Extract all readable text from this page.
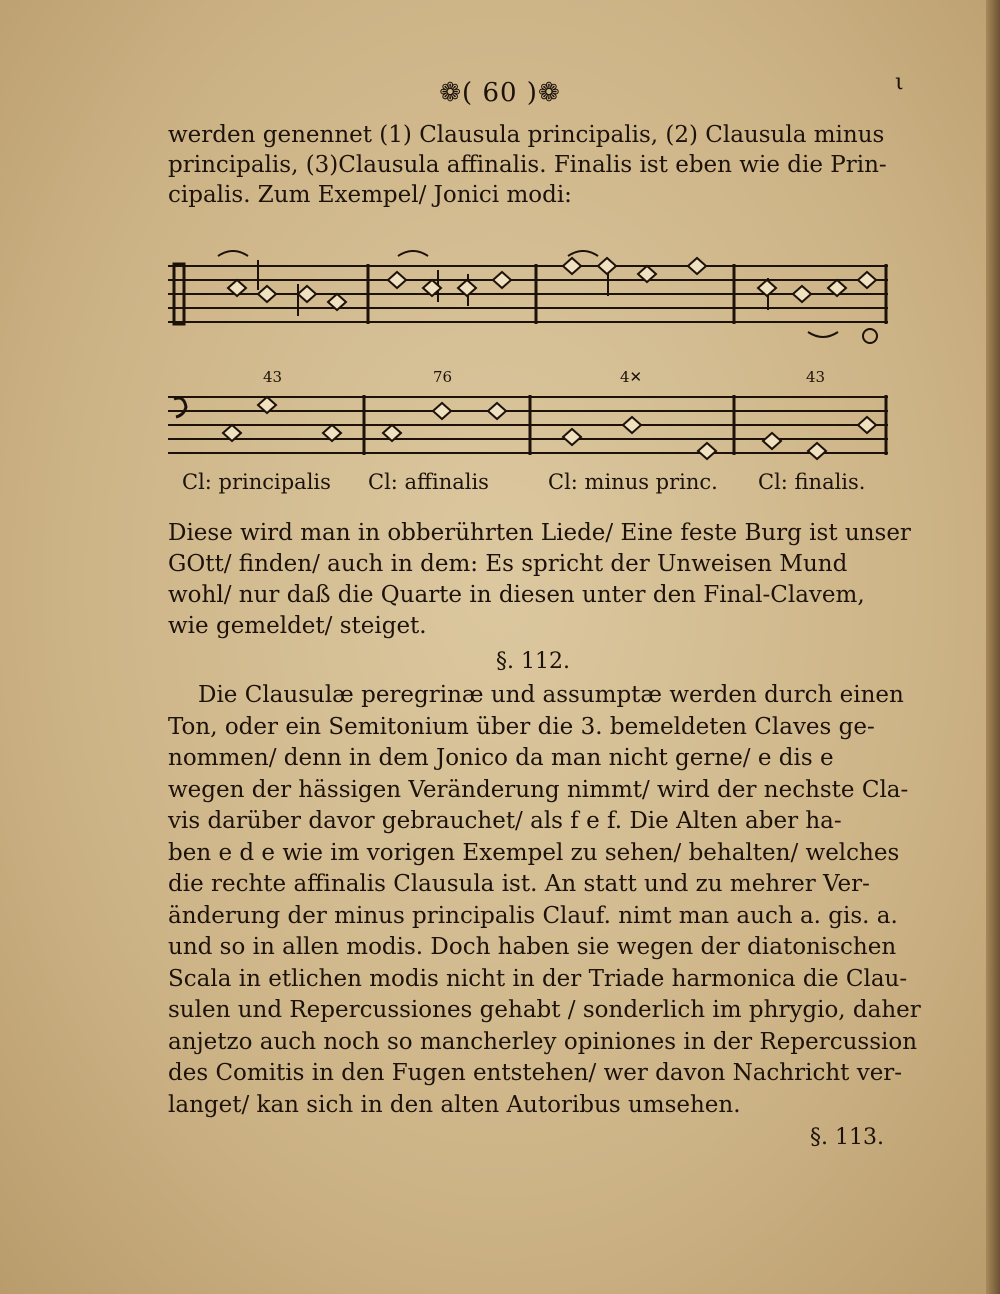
❁( 60 )❁	ι
werden genennet (1) Clausula principalis, (2) Clausula minus
principalis, (3)Clausula affinalis. Finalis ist eben wie die Prin-
cipalis. Zum Exempel/ Jonici modi:
43	76	4✕	43
Cl: principalis	Cl: affinalis	Cl: minus princ.	Cl: finalis.
Diese wird man in obberührten Liede/ Eine feste Burg ist unser
GOtt/ finden/ auch in dem: Es spricht der Unweisen Mund
wohl/ nur daß die Quarte in diesen unter den Final-Clavem,
wie gemeldet/ steiget.
§. 112.
Die Clausulæ peregrinæ und assumptæ werden durch einen
Ton, oder ein Semitonium über die 3. bemeldeten Claves ge-
nommen/ denn in dem Jonico da man nicht gerne/ e dis e
wegen der hässigen Veränderung nimmt/ wird der nechste Cla-
vis darüber davor gebrauchet/ als f e f. Die Alten aber ha-
ben e d e wie im vorigen Exempel zu sehen/ behalten/ welches
die rechte affinalis Clausula ist. An statt und zu mehrer Ver-
änderung der minus principalis Clauf. nimt man auch a. gis. a.
und so in allen modis. Doch haben sie wegen der diatonischen
Scala in etlichen modis nicht in der Triade harmonica die Clau-
sulen und Repercussiones gehabt / sonderlich im phrygio, daher
anjetzo auch noch so mancherley opiniones in der Repercussion
des Comitis in den Fugen entstehen/ wer davon Nachricht ver-
langet/ kan sich in den alten Autoribus umsehen.
§. 113.
